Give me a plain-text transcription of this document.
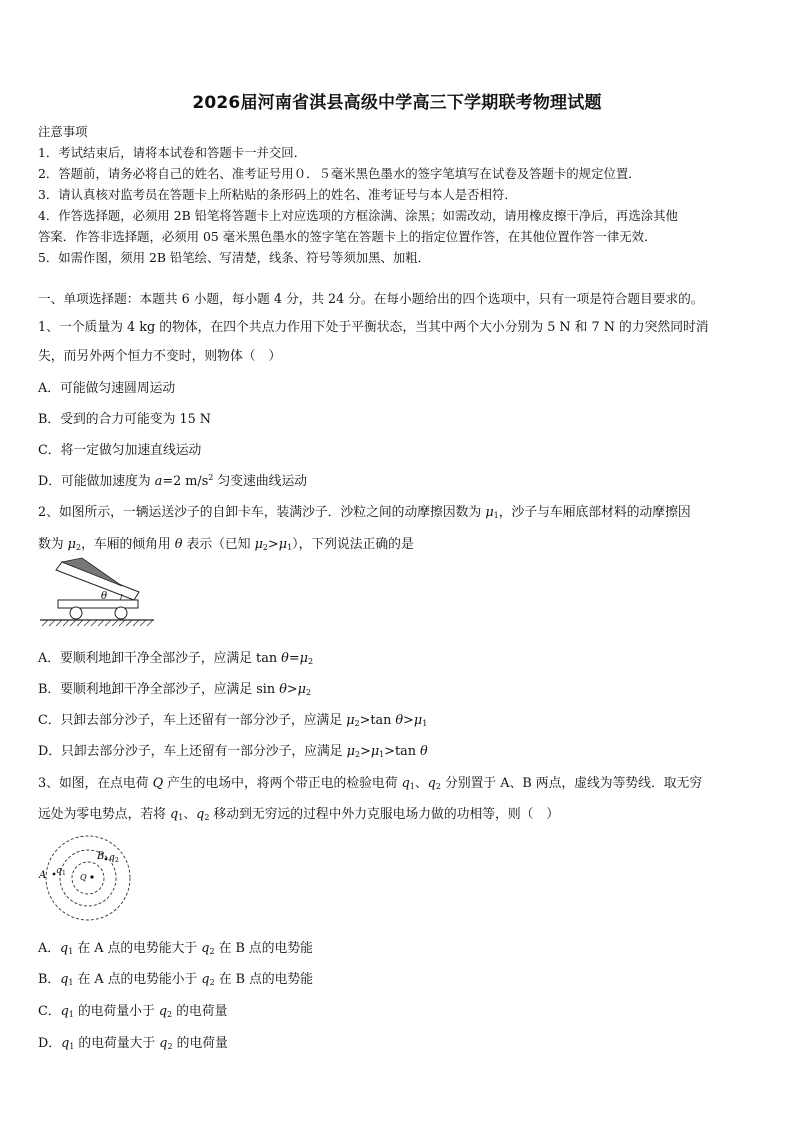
2026届河南省淇县高级中学高三下学期联考物理试题
注意事项
1．考试结束后，请将本试卷和答题卡一并交回．
2．答题前，请务必将自己的姓名、准考证号用０．５毫米黑色墨水的签字笔填写在试卷及答题卡的规定位置．
3．请认真核对监考员在答题卡上所粘贴的条形码上的姓名、准考证号与本人是否相符．
4．作答选择题，必须用 2B 铅笔将答题卡上对应选项的方框涂满、涂黑；如需改动，请用橡皮擦干净后，再选涂其他
答案．作答非选择题，必须用 05 毫米黑色墨水的签字笔在答题卡上的指定位置作答，在其他位置作答一律无效．
5．如需作图，须用 2B 铅笔绘、写清楚，线条、符号等须加黑、加粗．
一、单项选择题：本题共 6 小题，每小题 4 分，共 24 分。在每小题给出的四个选项中，只有一项是符合题目要求的。
1、一个质量为 4 kg 的物体，在四个共点力作用下处于平衡状态，当其中两个大小分别为 5 N 和 7 N 的力突然同时消
失，而另外两个恒力不变时，则物体（　）
A．可能做匀速圆周运动
B．受到的合力可能变为 15 N
C．将一定做匀加速直线运动
D．可能做加速度为 a=2 $m/s^2$ 匀变速曲线运动
2、如图所示，一辆运送沙子的自卸卡车，装满沙子．沙粒之间的动摩擦因数为 $\mu_1$，沙子与车厢底部材料的动摩擦因
数为 $\mu_2$，车厢的倾角用 θ 表示（已知 $\mu_2>\mu_1$），下列说法正确的是
θ
A．要顺利地卸干净全部沙子，应满足 $\tan \theta=\mu_2$
B．要顺利地卸干净全部沙子，应满足 $\sin \theta>\mu_2$
C．只卸去部分沙子，车上还留有一部分沙子，应满足 $\mu_2>\tan$ $\theta>\mu_1$
D．只卸去部分沙子，车上还留有一部分沙子，应满足 $\mu_2>\mu_1>\tan$ θ
3、如图，在点电荷 Q 产生的电场中，将两个带正电的检验电荷 $q_1$、$q_2$ 分别置于 A、B 两点，虚线为等势线．取无穷
远处为零电势点，若将 $q_1$、$q_2$ 移动到无穷远的过程中外力克服电场力做的功相等，则（　）
Q
A q 1
B q 2
A．$q_1$ 在 A 点的电势能大于 $q_2$ 在 B 点的电势能
B．$q_1$ 在 A 点的电势能小于 $q_2$ 在 B 点的电势能
C．$q_1$ 的电荷量小于 $q_2$ 的电荷量
D．$q_1$ 的电荷量大于 $q_2$ 的电荷量
